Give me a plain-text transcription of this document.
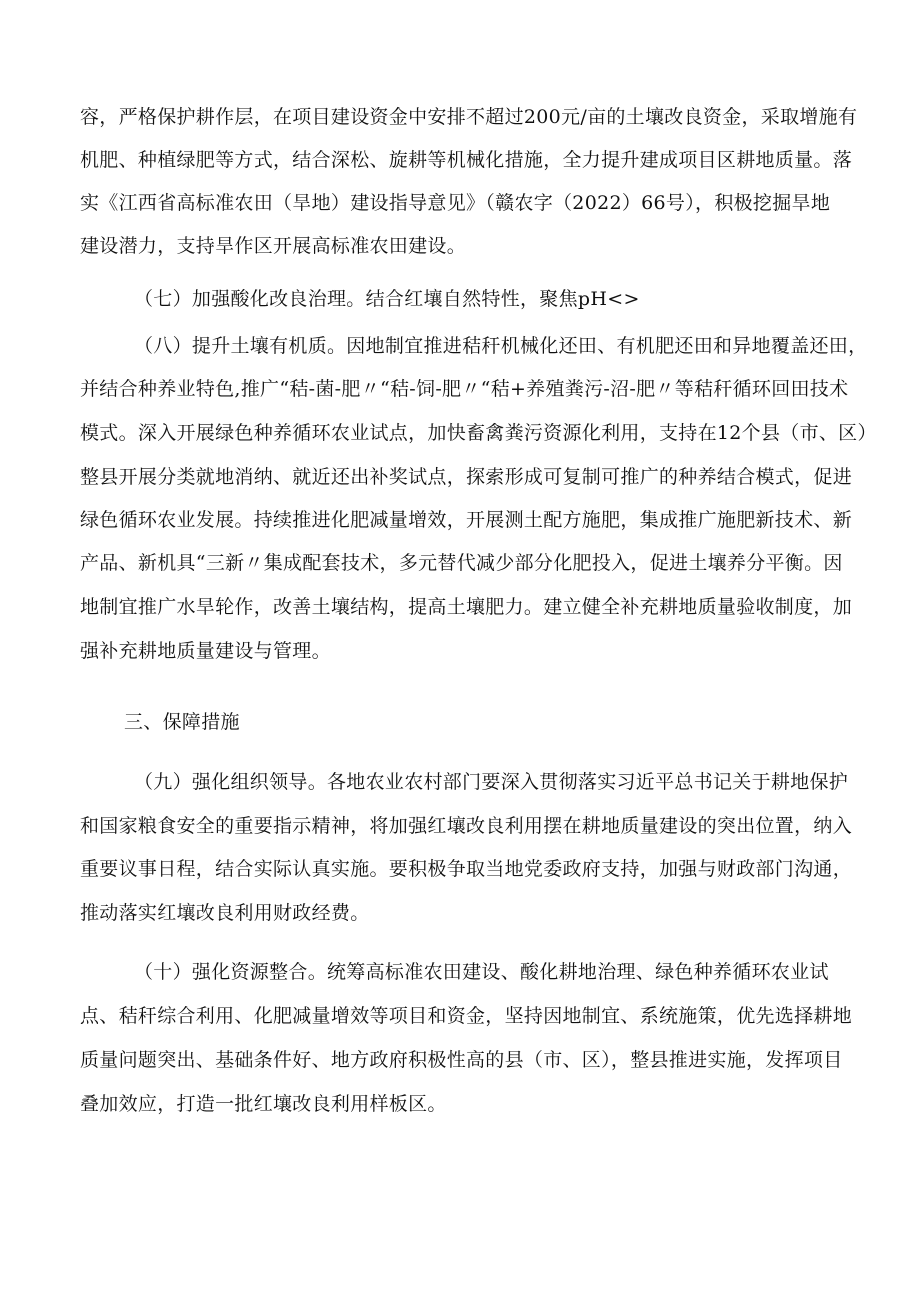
容，严格保护耕作层，在项目建设资金中安排不超过200元/亩的土壤改良资金，采取增施有
机肥、种植绿肥等方式，结合深松、旋耕等机械化措施，全力提升建成项目区耕地质量。落
实《江西省高标准农田（旱地）建设指导意见》（赣农字（2022）66号），积极挖掘旱地
建设潜力，支持旱作区开展高标准农田建设。
（七）加强酸化改良治理。结合红壤自然特性，聚焦pH<>
（八）提升土壤有机质。因地制宜推进秸秆机械化还田、有机肥还田和异地覆盖还田，
并结合种养业特色,推广“秸-菌-肥〃“秸-饲-肥〃“秸+养殖粪污-沼-肥〃等秸秆循环回田技术
模式。深入开展绿色种养循环农业试点，加快畜禽粪污资源化利用，支持在12个县（市、区）
整县开展分类就地消纳、就近还出补奖试点，探索形成可复制可推广的种养结合模式，促进
绿色循环农业发展。持续推进化肥减量增效，开展测土配方施肥，集成推广施肥新技术、新
产品、新机具“三新〃集成配套技术，多元替代减少部分化肥投入，促进土壤养分平衡。因
地制宜推广水旱轮作，改善土壤结构，提高土壤肥力。建立健全补充耕地质量验收制度，加
强补充耕地质量建设与管理。
三、保障措施
（九）强化组织领导。各地农业农村部门要深入贯彻落实习近平总书记关于耕地保护
和国家粮食安全的重要指示精神，将加强红壤改良利用摆在耕地质量建设的突出位置，纳入
重要议事日程，结合实际认真实施。要积极争取当地党委政府支持，加强与财政部门沟通，
推动落实红壤改良利用财政经费。
（十）强化资源整合。统筹高标准农田建设、酸化耕地治理、绿色种养循环农业试
点、秸秆综合利用、化肥减量增效等项目和资金，坚持因地制宜、系统施策，优先选择耕地
质量问题突出、基础条件好、地方政府积极性高的县（市、区），整县推进实施，发挥项目
叠加效应，打造一批红壤改良利用样板区。
